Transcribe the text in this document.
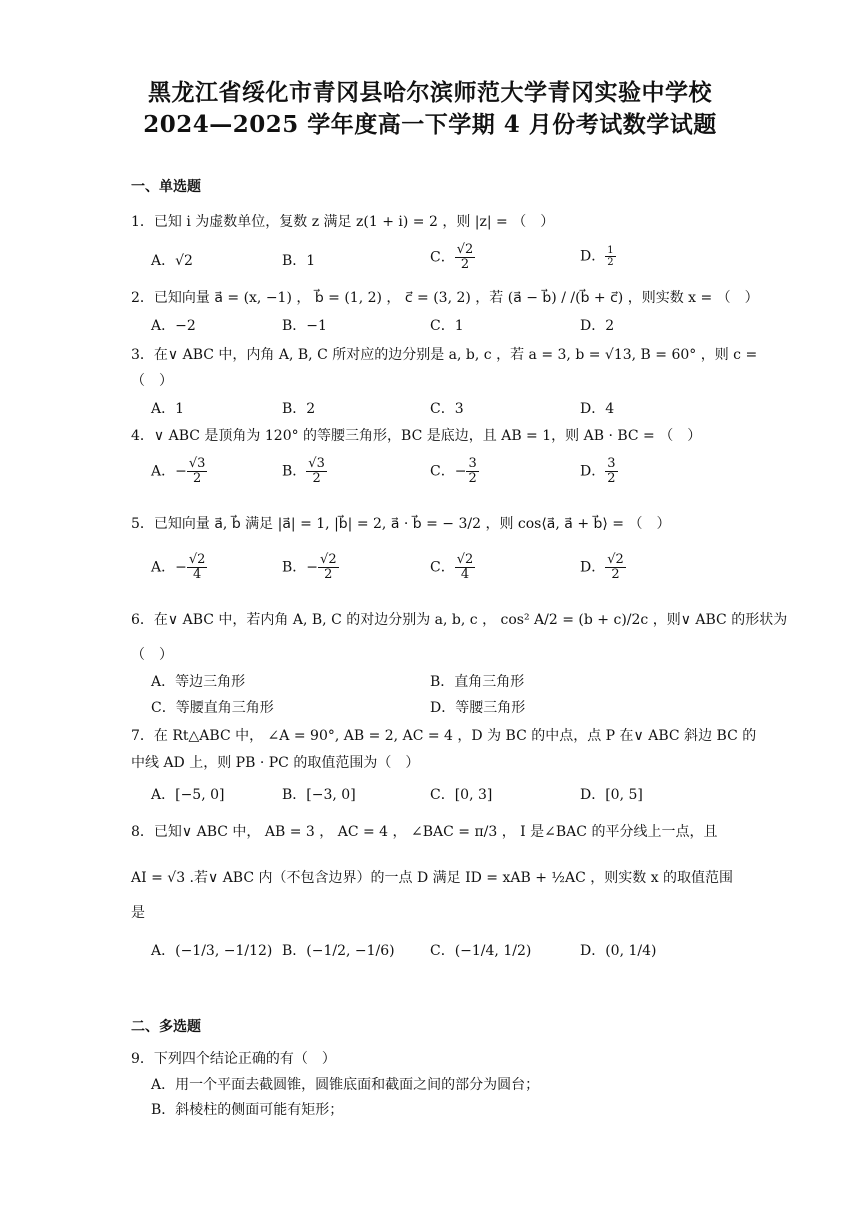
黑龙江省绥化市青冈县哈尔滨师范大学青冈实验中学校
2024—2025 学年度高一下学期 4 月份考试数学试题
一、单选题
1．已知 i 为虚数单位，复数 z 满足 z(1 + i) = 2 ，则 |z| = （　）
A．√2	B．1	C． $\frac{√2}{2}$	D． $\frac{1}{2}$
2．已知向量 a⃗ = (x, −1) ， b⃗ = (1, 2) ， c⃗ = (3, 2) ，若 (a⃗ − b⃗) / /(b⃗ + c⃗) ，则实数 x = （　）
A．−2	B．−1	C．1	D．2
3．在∨ ABC 中，内角 A, B, C 所对应的边分别是 a, b, c ，若 a = 3, b = √13, B = 60° ，则 c =
（　）
A．1	B．2	C．3	D．4
4．∨ ABC 是顶角为 120° 的等腰三角形，BC 是底边，且 AB = 1，则 AB · BC = （　）
A．− $\frac{√3}{2}$	B． $\frac{√3}{2}$	C．− $\frac{3}{2}$	D． $\frac{3}{2}$
5．已知向量 a⃗, b⃗ 满足 |a⃗| = 1, |b⃗| = 2, a⃗ · b⃗ = − 3/2 ，则 cos⟨a⃗, a⃗ + b⃗⟩ = （　）
A．− $\frac{√2}{4}$	B．− $\frac{√2}{2}$	C． $\frac{√2}{4}$	D． $\frac{√2}{2}$
6．在∨ ABC 中，若内角 A, B, C 的对边分别为 a, b, c ， cos² A/2 = (b + c)/2c ，则∨ ABC 的形状为
（　）
A．等边三角形	B．直角三角形
C．等腰直角三角形	D．等腰三角形
7．在 Rt△ABC 中， ∠A = 90°, AB = 2, AC = 4 ，D 为 BC 的中点，点 P 在∨ ABC 斜边 BC 的
中线 AD 上，则 PB · PC 的取值范围为（　）
A．[−5, 0]	B．[−3, 0]	C．[0, 3]	D．[0, 5]
8．已知∨ ABC 中， AB = 3 ， AC = 4 ， ∠BAC = π/3 ， I 是∠BAC 的平分线上一点，且
AI = √3 .若∨ ABC 内（不包含边界）的一点 D 满足 ID = xAB + ½AC ，则实数 x 的取值范围
是
A．(−1/3, −1/12) B．(−1/2, −1/6)	C．(−1/4, 1/2)	D．(0, 1/4)
二、多选题
9．下列四个结论正确的有（　）
A．用一个平面去截圆锥，圆锥底面和截面之间的部分为圆台；
B．斜棱柱的侧面可能有矩形；
